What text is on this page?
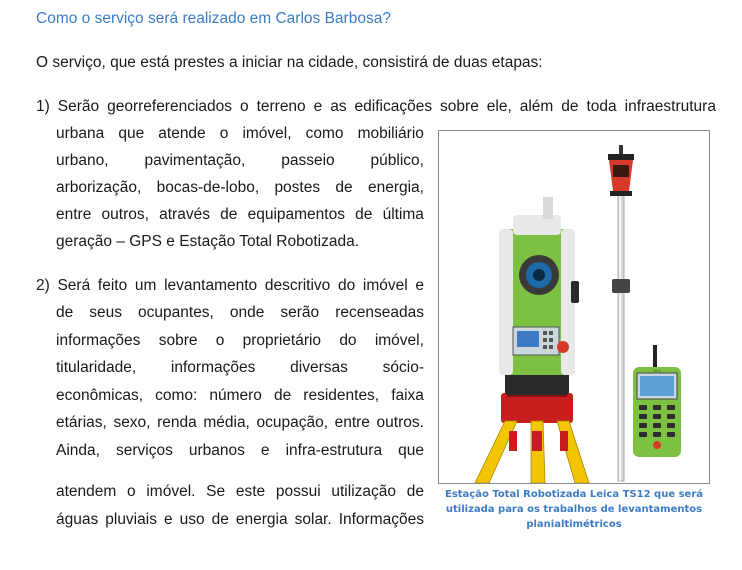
Como o serviço será realizado em Carlos Barbosa?
O serviço, que está prestes a iniciar na cidade, consistirá de duas etapas:
1) Serão georreferenciados o terreno e as edificações sobre ele, além de toda infraestrutura
urbana que atende o imóvel, como mobiliário
urbano, pavimentação, passeio público,
arborização, bocas-de-lobo, postes de energia,
entre outros, através de equipamentos de última
geração – GPS e Estação Total Robotizada.
2) Será feito um levantamento descritivo do imóvel e
de seus ocupantes, onde serão recenseadas
informações sobre o proprietário do imóvel,
titularidade, informações diversas sócio-
econômicas, como: número de residentes, faixa
etárias, sexo, renda média, ocupação, entre outros.
Ainda, serviços urbanos e infra-estrutura que
atendem o imóvel. Se este possui utilização de
águas pluviais e uso de energia solar. Informações
Leica
Estação Total Robotizada Leica TS12 que será utilizada para os trabalhos de levantamentos planialtimétricos
